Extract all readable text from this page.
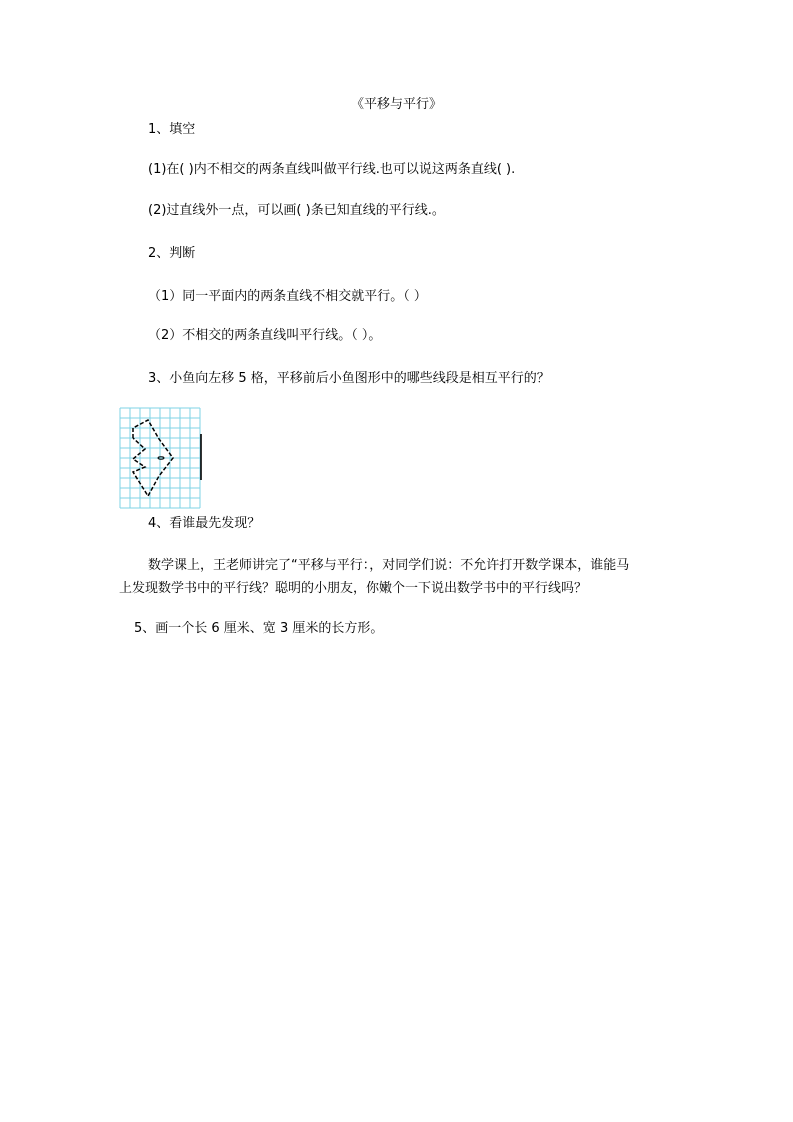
《平移与平行》
1、填空
(1)在( )内不相交的两条直线叫做平行线.也可以说这两条直线( ).
(2)过直线外一点，可以画( )条已知直线的平行线.。
2、判断
（1）同一平面内的两条直线不相交就平行。（ ）
（2）不相交的两条直线叫平行线。（ ）。
3、小鱼向左移 5 格，平移前后小鱼图形中的哪些线段是相互平行的？
4、看谁最先发现？
数学课上，王老师讲完了“平移与平行：，对同学们说：不允许打开数学课本，谁能马
上发现数学书中的平行线？聪明的小朋友，你嫩个一下说出数学书中的平行线吗？
5、画一个长 6 厘米、宽 3 厘米的长方形。
